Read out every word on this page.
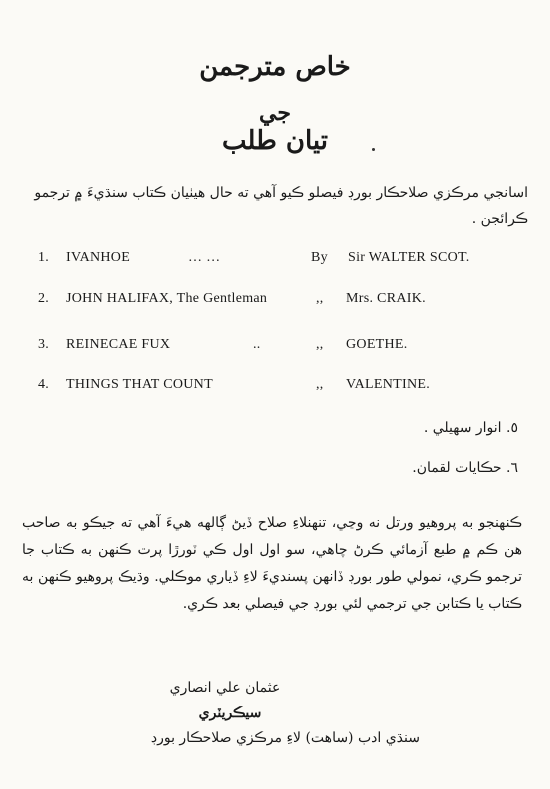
خاص مترجمن
جي
تيان طلب
اسانجي مرڪزي صلاحڪار بورڊ فيصلو ڪيو آهي ته حال هيٺيان ڪتاب سنڌيءَ ۾ ترجمو ڪرائجن .
1. IVANHOE	… …	By Sir WALTER SCOT.
2. JOHN HALIFAX, The Gentleman	,, Mrs. CRAIK.
3. REINECAE FUX	..	,, GOETHE.
4. THINGS THAT COUNT	,, VALENTINE.
٥. انوار سهيلي .
٦. حڪايات لقمان.
ڪنهنجو به پروهيو ورتل نه وڃي، تنهنلاءِ صلاح ڏيڻ ڳالهه هيءَ آهي ته جيڪو به صاحب هن ڪم ۾ طبع آزمائي ڪرڻ چاهي، سو اول اول ڪي ٽورڙا پرت ڪنهن به ڪتاب جا ترجمو ڪري، نمولي طور بورڊ ڏانهن پسنديءَ لاءِ ڏياري موڪلي. وڌيڪ پروهيو ڪنهن به ڪتاب يا ڪتابن جي ترجمي لئي بورڊ جي فيصلي بعد ڪري.
عثمان علي انصاري
سيڪريٽري
سنڌي ادب (ساهت) لاءِ مرڪزي صلاحڪار بورڊ
